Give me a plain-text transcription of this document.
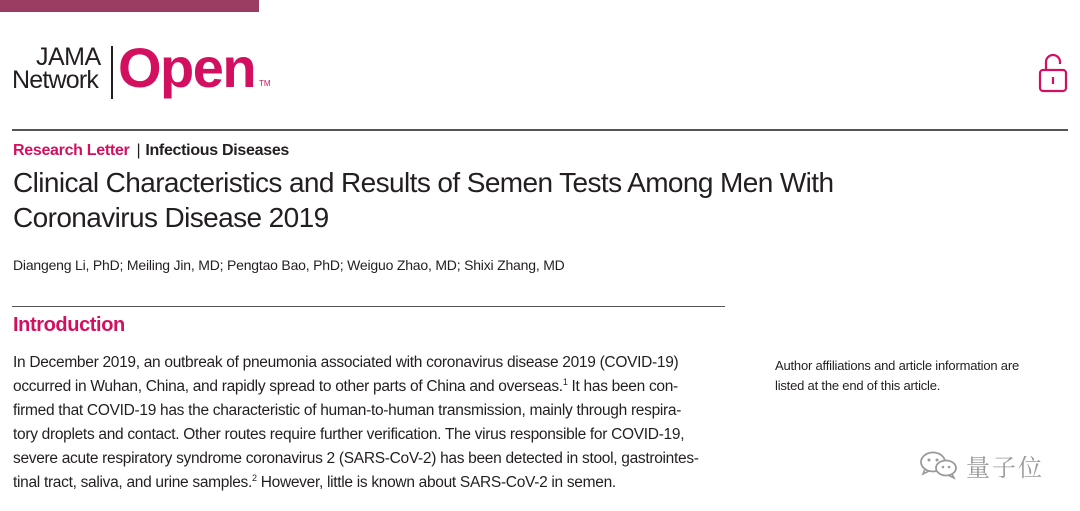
JAMA
Network Open TM
Research Letter | Infectious Diseases
Clinical Characteristics and Results of Semen Tests Among Men With Coronavirus Disease 2019
Diangeng Li, PhD; Meiling Jin, MD; Pengtao Bao, PhD; Weiguo Zhao, MD; Shixi Zhang, MD
Introduction
In December 2019, an outbreak of pneumonia associated with coronavirus disease 2019 (COVID-19)
occurred in Wuhan, China, and rapidly spread to other parts of China and overseas.$^1$ It has been con-
firmed that COVID-19 has the characteristic of human-to-human transmission, mainly through respira-
tory droplets and contact. Other routes require further verification. The virus responsible for COVID-19,
severe acute respiratory syndrome coronavirus 2 (SARS-CoV-2) has been detected in stool, gastrointes-
tinal tract, saliva, and urine samples.$^2$ However, little is known about SARS-CoV-2 in semen.
Author affiliations and article information are
listed at the end of this article.
量子位
